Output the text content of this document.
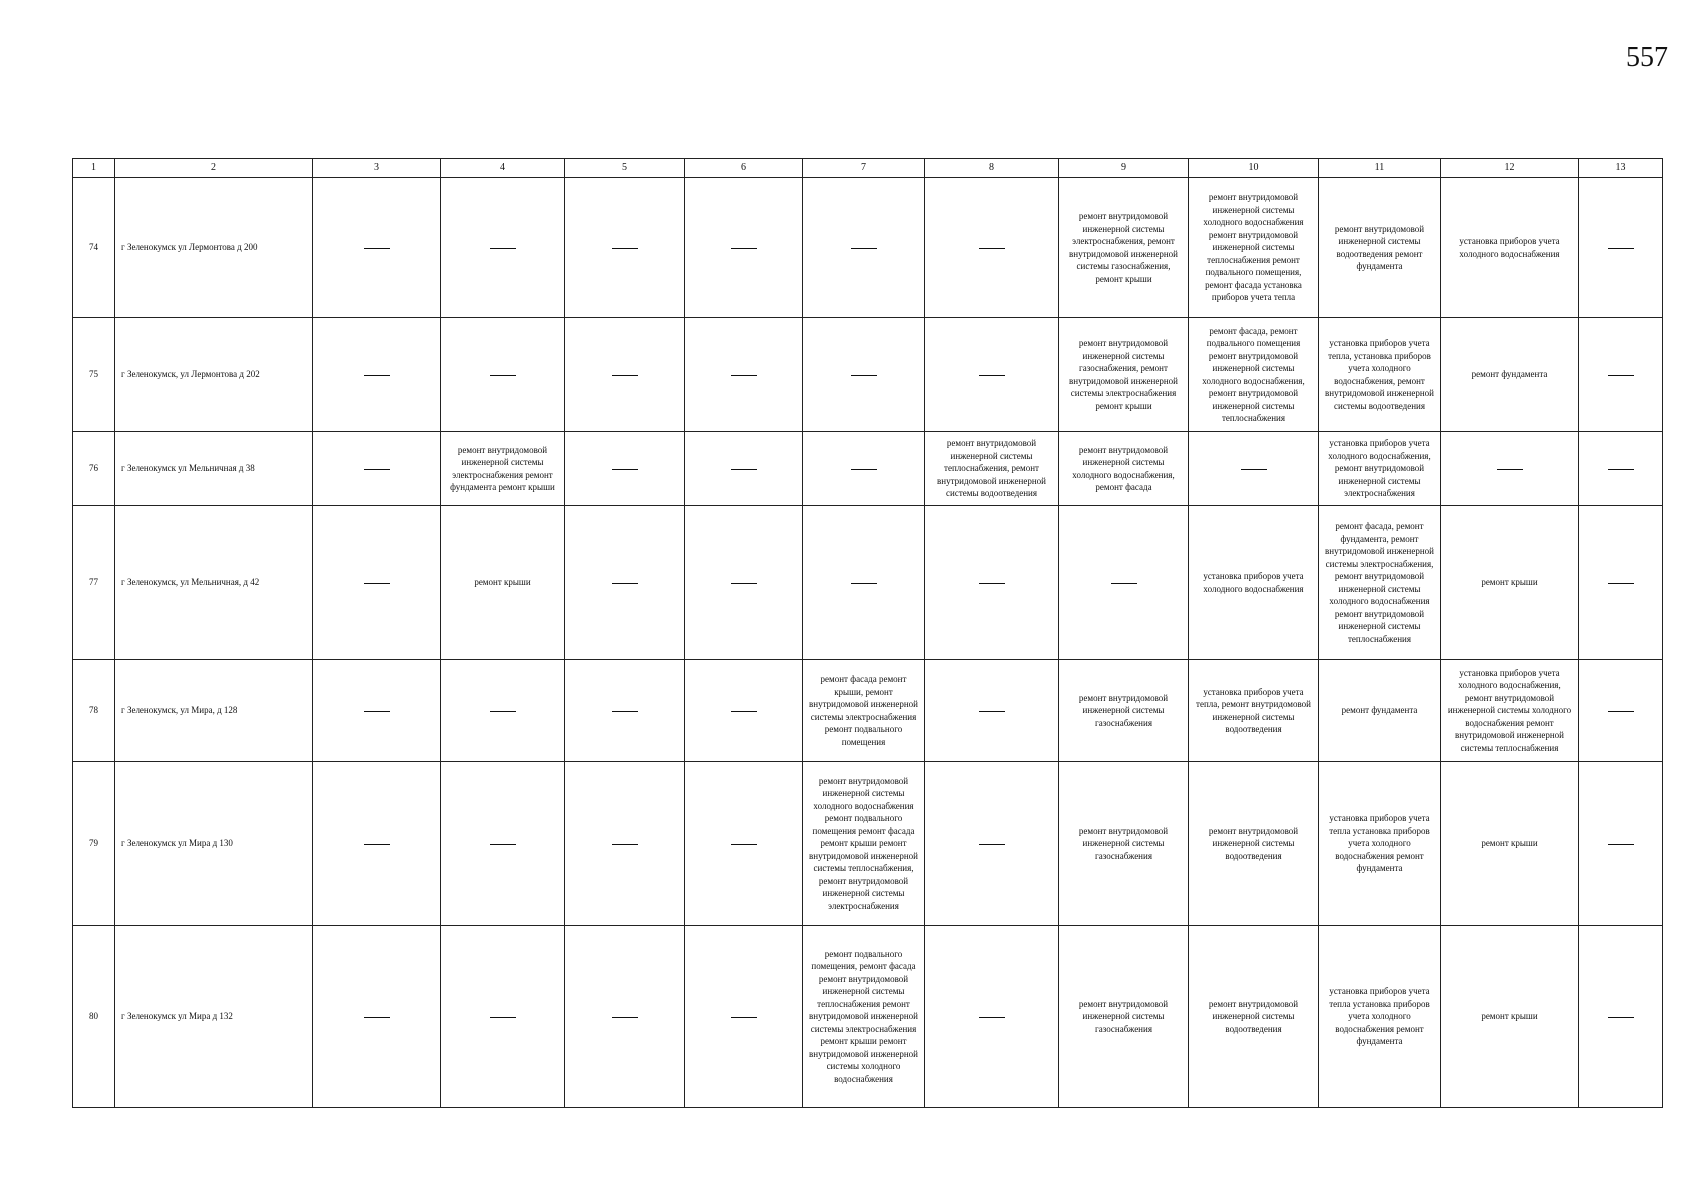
557
1	2	3	4	5	6	7	8	9	10	11	12	13
74	г Зеленокумск ул Лермонтова д 200							ремонт внутридомовой инженерной системы электроснабжения, ремонт внутридомовой инженерной системы газоснабжения, ремонт крыши	ремонт внутридомовой инженерной системы холодного водоснабжения ремонт внутридомовой инженерной системы теплоснабжения ремонт подвального помещения, ремонт фасада установка приборов учета тепла	ремонт внутридомовой инженерной системы водоотведения ремонт фундамента	установка приборов учета холодного водоснабжения	
75	г Зеленокумск, ул Лермонтова д 202							ремонт внутридомовой инженерной системы газоснабжения, ремонт внутридомовой инженерной системы электроснабжения ремонт крыши	ремонт фасада, ремонт подвального помещения ремонт внутридомовой инженерной системы холодного водоснабжения, ремонт внутридомовой инженерной системы теплоснабжения	установка приборов учета тепла, установка приборов учета холодного водоснабжения, ремонт внутридомовой инженерной системы водоотведения	ремонт фундамента	
76	г Зеленокумск ул Мельничная д 38		ремонт внутридомовой инженерной системы электроснабжения ремонт фундамента ремонт крыши				ремонт внутридомовой инженерной системы теплоснабжения, ремонт внутридомовой инженерной системы водоотведения	ремонт внутридомовой инженерной системы холодного водоснабжения, ремонт фасада		установка приборов учета холодного водоснабжения, ремонт внутридомовой инженерной системы электроснабжения		
77	г Зеленокумск, ул Мельничная, д 42		ремонт крыши						установка приборов учета холодного водоснабжения	ремонт фасада, ремонт фундамента, ремонт внутридомовой инженерной системы электроснабжения, ремонт внутридомовой инженерной системы холодного водоснабжения ремонт внутридомовой инженерной системы теплоснабжения	ремонт крыши	
78	г Зеленокумск, ул Мира, д 128					ремонт фасада ремонт крыши, ремонт внутридомовой инженерной системы электроснабжения ремонт подвального помещения		ремонт внутридомовой инженерной системы газоснабжения	установка приборов учета тепла, ремонт внутридомовой инженерной системы водоотведения	ремонт фундамента	установка приборов учета холодного водоснабжения, ремонт внутридомовой инженерной системы холодного водоснабжения ремонт внутридомовой инженерной системы теплоснабжения	
79	г Зеленокумск ул Мира д 130					ремонт внутридомовой инженерной системы холодного водоснабжения ремонт подвального помещения ремонт фасада ремонт крыши ремонт внутридомовой инженерной системы теплоснабжения, ремонт внутридомовой инженерной системы электроснабжения		ремонт внутридомовой инженерной системы газоснабжения	ремонт внутридомовой инженерной системы водоотведения	установка приборов учета тепла установка приборов учета холодного водоснабжения ремонт фундамента	ремонт крыши	
80	г Зеленокумск ул Мира д 132					ремонт подвального помещения, ремонт фасада ремонт внутридомовой инженерной системы теплоснабжения ремонт внутридомовой инженерной системы электроснабжения ремонт крыши ремонт внутридомовой инженерной системы холодного водоснабжения		ремонт внутридомовой инженерной системы газоснабжения	ремонт внутридомовой инженерной системы водоотведения	установка приборов учета тепла установка приборов учета холодного водоснабжения ремонт фундамента	ремонт крыши	
